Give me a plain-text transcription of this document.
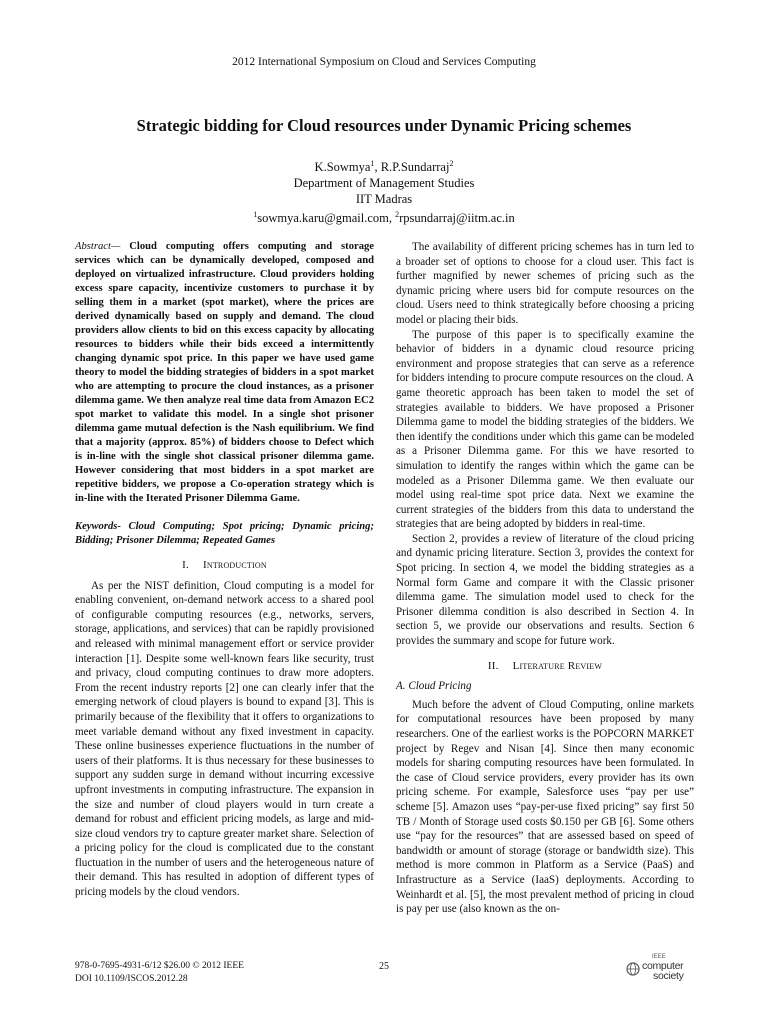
2012 International Symposium on Cloud and Services Computing
Strategic bidding for Cloud resources under Dynamic Pricing schemes
K.Sowmya$^1$, R.P.Sundarraj$^2$
Department of Management Studies
IIT Madras
$^1$sowmya.karu@gmail.com, $^2$rpsundarraj@iitm.ac.in
Abstract— Cloud computing offers computing and storage services which can be dynamically developed, composed and deployed on virtualized infrastructure. Cloud providers holding excess spare capacity, incentivize customers to purchase it by selling them in a market (spot market), where the prices are derived dynamically based on supply and demand. The cloud providers allow clients to bid on this excess capacity by allocating resources to bidders while their bids exceed a intermittently changing dynamic spot price. In this paper we have used game theory to model the bidding strategies of bidders in a spot market who are attempting to procure the cloud instances, as a prisoner dilemma game. We then analyze real time data from Amazon EC2 spot market to validate this model. In a single shot prisoner dilemma game mutual defection is the Nash equilibrium. We find that a majority (approx. 85%) of bidders choose to Defect which is in-line with the single shot classical prisoner dilemma game. However considering that most bidders in a spot market are repetitive bidders, we propose a Co-operation strategy which is in-line with the Iterated Prisoner Dilemma Game.
Keywords- Cloud Computing; Spot pricing; Dynamic pricing; Bidding; Prisoner Dilemma; Repeated Games
I. Introduction

As per the NIST definition, Cloud computing is a model for enabling convenient, on-demand network access to a shared pool of configurable computing resources (e.g., networks, servers, storage, applications, and services) that can be rapidly provisioned and released with minimal management effort or service provider interaction [1]. Despite some well-known fears like security, trust and privacy, cloud computing continues to draw more adopters. From the recent industry reports [2] one can clearly infer that the emerging network of cloud players is bound to expand [3]. This is primarily because of the flexibility that it offers to organizations to meet variable demand without any fixed investment in capacity. These online businesses experience fluctuations in the number of users of their platforms. It is thus necessary for these businesses to support any sudden surge in demand without incurring excessive upfront investments in computing infrastructure. The expansion in the size and number of cloud players would in turn create a demand for robust and efficient pricing models, as large and mid-size cloud vendors try to capture greater market share. Selection of a pricing policy for the cloud is complicated due to the constant fluctuation in the number of users and the heterogeneous nature of their demand. This has resulted in adoption of different types of pricing models by the cloud vendors.

The availability of different pricing schemes has in turn led to a broader set of options to choose for a cloud user. This fact is further magnified by newer schemes of pricing such as the dynamic pricing where users bid for compute resources on the cloud. Users need to think strategically before choosing a pricing model or placing their bids.

The purpose of this paper is to specifically examine the behavior of bidders in a dynamic cloud resource pricing environment and propose strategies that can serve as a reference for bidders intending to procure compute resources on the cloud. A game theoretic approach has been taken to model the set of strategies available to bidders. We have proposed a Prisoner Dilemma game to model the bidding strategies of the bidders. We then identify the conditions under which this game can be modeled as a Prisoner Dilemma game. For this we have resorted to simulation to identify the ranges within which the game can be modeled as a Prisoner Dilemma game. We then evaluate our model using real-time spot price data. Next we examine the current strategies of the bidders from this data to understand the strategies that are being adopted by bidders in real-time.

Section 2, provides a review of literature of the cloud pricing and dynamic pricing literature. Section 3, provides the context for Spot pricing. In section 4, we model the bidding strategies as a Normal form Game and compare it with the Classic prisoner dilemma game. The simulation model used to check for the Prisoner dilemma condition is also described in Section 4. In section 5, we provide our observations and results. Section 6 provides the summary and scope for future work.

II. Literature Review
A. Cloud Pricing

Much before the advent of Cloud Computing, online markets for computational resources have been proposed by many researchers. One of the earliest works is the POPCORN MARKET project by Regev and Nisan [4]. Since then many economic models for sharing computing resources have been formulated. In the case of Cloud service providers, every provider has its own pricing scheme. For example, Salesforce uses “pay per use” scheme [5]. Amazon uses “pay-per-use fixed pricing” say first 50 TB / Month of Storage used costs $0.150 per GB [6]. Some others use “pay for the resources” that are assessed based on speed of bandwidth or amount of storage (storage or bandwidth size). This method is more common in Platform as a Service (PaaS) and Infrastructure as a Service (IaaS) deployments. According to Weinhardt et al. [5], the most prevalent method of pricing in cloud is pay per use (also known as the on-

978-0-7695-4931-6/12 $26.00 © 2012 IEEE
DOI 10.1109/ISCOS.2012.28
25
IEEE
computer
society
